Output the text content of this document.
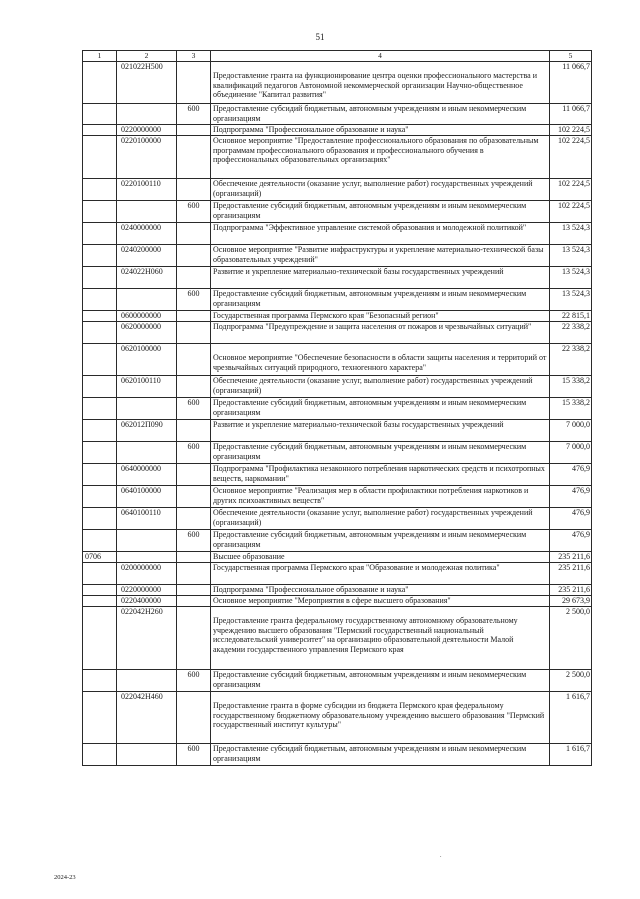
51
1	2	3	4	5
	021022Н500		Предоставление гранта на функционирование центра оценки профессионального мастерства и квалификаций педагогов Автономной некоммерческой организации Научно-общественное объединение "Капитал развития"	11 066,7
		600	Предоставление субсидий бюджетным, автономным учреждениям и иным некоммерческим организациям	11 066,7
	0220000000		Подпрограмма "Профессиональное образование и наука"	102 224,5
	0220100000		Основное мероприятие "Предоставление профессионального образования по образовательным программам профессионального образования и профессионального обучения в профессиональных образовательных организациях"	102 224,5
	0220100110		Обеспечение деятельности (оказание услуг, выполнение работ) государственных учреждений (организаций)	102 224,5
		600	Предоставление субсидий бюджетным, автономным учреждениям и иным некоммерческим организациям	102 224,5
	0240000000		Подпрограмма "Эффективное управление системой образования и молодежной политикой"	13 524,3
	0240200000		Основное мероприятие "Развитие инфраструктуры и укрепление материально-технической базы образовательных учреждений"	13 524,3
	024022Н060		Развитие и укрепление материально-технической базы государственных учреждений	13 524,3
		600	Предоставление субсидий бюджетным, автономным учреждениям и иным некоммерческим организациям	13 524,3
	0600000000		Государственная программа Пермского края "Безопасный регион"	22 815,1
	0620000000		Подпрограмма "Предупреждение и защита населения от пожаров и чрезвычайных ситуаций"	22 338,2
	0620100000		Основное мероприятие "Обеспечение безопасности в области защиты населения и территорий от чрезвычайных ситуаций природного, техногенного характера"	22 338,2
	0620100110		Обеспечение деятельности (оказание услуг, выполнение работ) государственных учреждений (организаций)	15 338,2
		600	Предоставление субсидий бюджетным, автономным учреждениям и иным некоммерческим организациям	15 338,2
	062012П090		Развитие и укрепление материально-технической базы государственных учреждений	7 000,0
		600	Предоставление субсидий бюджетным, автономным учреждениям и иным некоммерческим организациям	7 000,0
	0640000000		Подпрограмма "Профилактика незаконного потребления наркотических средств и психотропных веществ, наркомании"	476,9
	0640100000		Основное мероприятие "Реализация мер в области профилактики потребления наркотиков и других психоактивных веществ"	476,9
	0640100110		Обеспечение деятельности (оказание услуг, выполнение работ) государственных учреждений (организаций)	476,9
		600	Предоставление субсидий бюджетным, автономным учреждениям и иным некоммерческим организациям	476,9
0706			Высшее образование	235 211,6
	0200000000		Государственная программа Пермского края "Образование и молодежная политика"	235 211,6
	0220000000		Подпрограмма "Профессиональное образование и наука"	235 211,6
	0220400000		Основное мероприятие "Мероприятия в сфере высшего образования"	29 673,9
	022042Н260		Предоставление гранта федеральному государственному автономному образовательному учреждению высшего образования "Пермский государственный национальный исследовательский университет" на организацию образовательной деятельности Малой академии государственного управления Пермского края	2 500,0
		600	Предоставление субсидий бюджетным, автономным учреждениям и иным некоммерческим организациям	2 500,0
	022042Н460		Предоставление гранта в форме субсидии из бюджета Пермского края федеральному государственному бюджетному образовательному учреждению высшего образования "Пермский государственный институт культуры"	1 616,7
		600	Предоставление субсидий бюджетным, автономным учреждениям и иным некоммерческим организациям	1 616,7
.
2024-23
